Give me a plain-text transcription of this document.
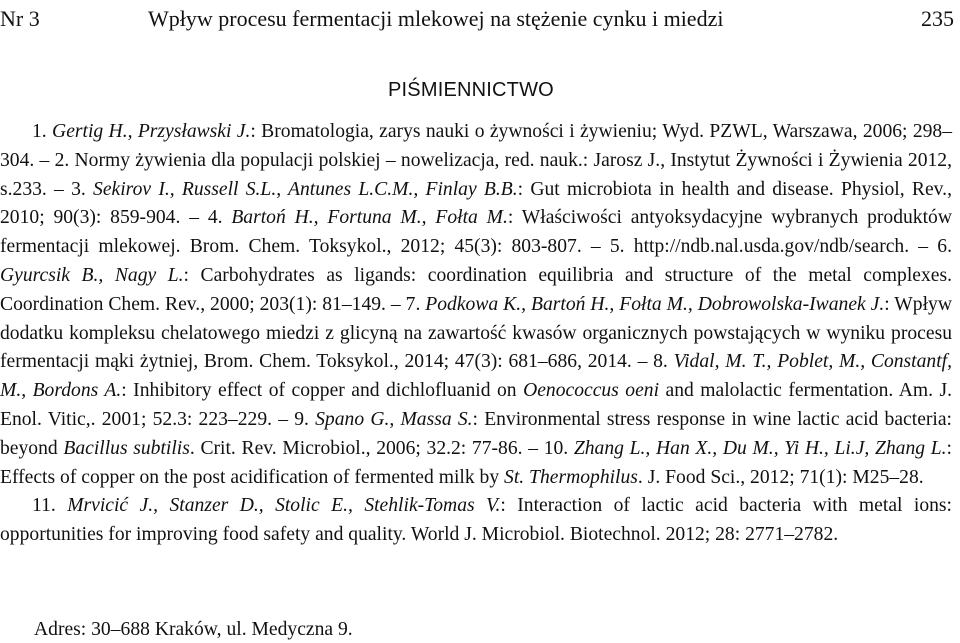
Nr 3	Wpływ procesu fermentacji mlekowej na stężenie cynku i miedzi	235
PIŚMIENNICTWO

1. Gertig H., Przysławski J.: Bromatologia, zarys nauki o żywności i żywieniu; Wyd. PZWL, Warszawa, 2006; 298–304. – 2. Normy żywienia dla populacji polskiej – nowelizacja, red. nauk.: Jarosz J., Instytut Żywności i Żywienia 2012, s.233. – 3. Sekirov I., Russell S.L., Antunes L.C.M., Finlay B.B.: Gut microbiota in health and disease. Physiol, Rev., 2010; 90(3): 859-904. – 4. Bartoń H., Fortuna M., Fołta M.: Właściwości antyoksydacyjne wybranych produktów fermentacji mlekowej. Brom. Chem. Toksykol., 2012; 45(3): 803-807. – 5. http://ndb.nal.usda.gov/ndb/search. – 6. Gyurcsik B., Nagy L.: Carbohydrates as ligands: coordination equilibria and structure of the metal complexes. Coordination Chem. Rev., 2000; 203(1): 81–149. – 7. Podkowa K., Bartoń H., Fołta M., Dobrowolska-Iwanek J.: Wpływ dodatku kompleksu chelatowego miedzi z glicyną na zawartość kwasów organicznych powstających w wyniku procesu fermentacji mąki żytniej, Brom. Chem. Toksykol., 2014; 47(3): 681–686, 2014. – 8. Vidal, M. T., Poblet, M., Constantf, M., Bordons A.: Inhibitory effect of copper and dichlofluanid on Oenococcus oeni and malolactic fermentation. Am. J. Enol. Vitic,. 2001; 52.3: 223–229. – 9. Spano G., Massa S.: Environmental stress response in wine lactic acid bacteria: beyond Bacillus subtilis. Crit. Rev. Microbiol., 2006; 32.2: 77-86. – 10. Zhang L., Han X., Du M., Yi H., Li.J, Zhang L.: Effects of copper on the post acidification of fermented milk by St. Thermophilus. J. Food Sci., 2012; 71(1): M25–28.

11. Mrvicić J., Stanzer D., Stolic E., Stehlik-Tomas V.: Interaction of lactic acid bacteria with metal ions: opportunities for improving food safety and quality. World J. Microbiol. Biotechnol. 2012; 28: 2771–2782.

Adres: 30–688 Kraków, ul. Medyczna 9.
